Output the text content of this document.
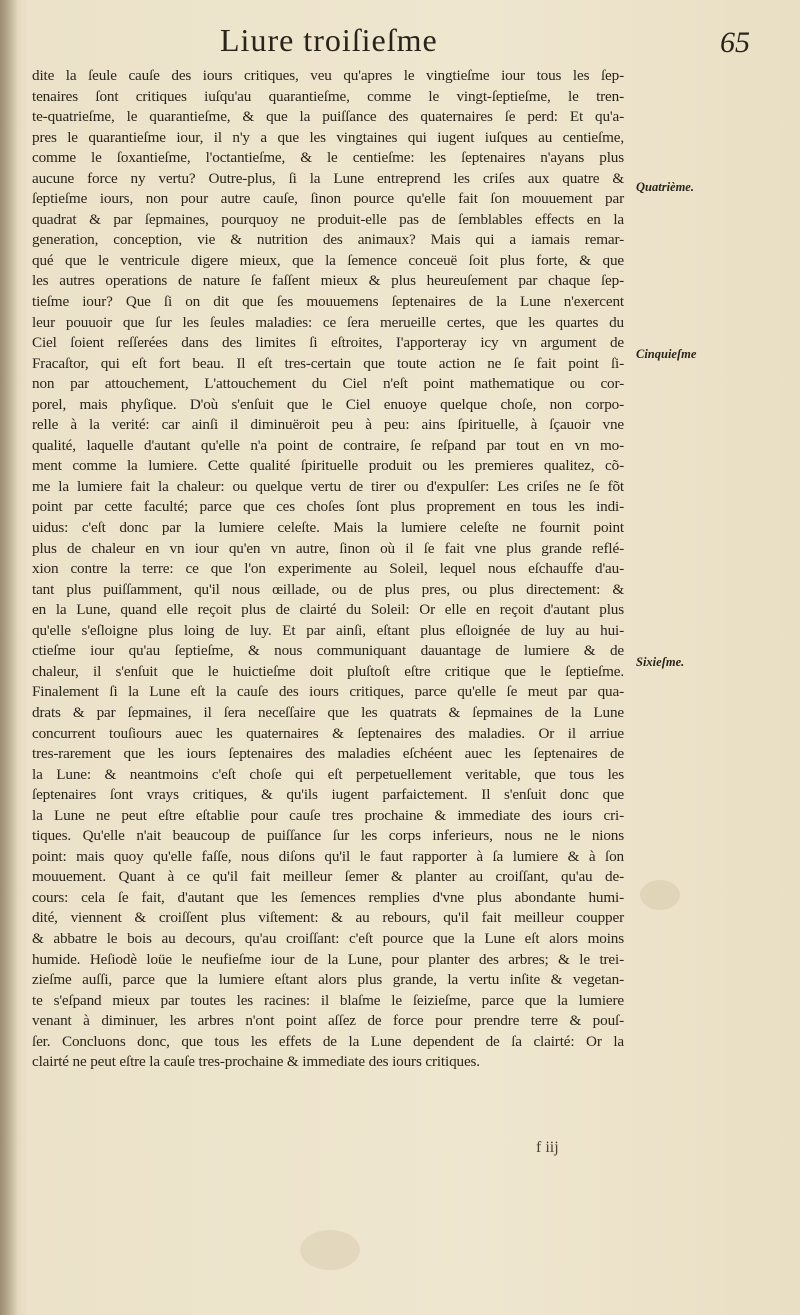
Liure troiſieſme	65
dite la ſeule cauſe des iours critiques, veu qu'apres le vingtieſme iour tous les ſep-
tenaires ſont critiques iuſqu'au quarantieſme, comme le vingt-ſeptieſme, le tren-
te-quatrieſme, le quarantieſme, & que la puiſſance des quaternaires ſe perd: Et qu'a-
pres le quarantieſme iour, il n'y a que les vingtaines qui iugent iuſques au centieſme,
comme le ſoxantieſme, l'octantieſme, & le centieſme: les ſeptenaires n'ayans plus
aucune force ny vertu? Outre-plus, ſi la Lune entreprend les criſes aux quatre &
ſeptieſme iours, non pour autre cauſe, ſinon pource qu'elle fait ſon mouuement par
quadrat & par ſepmaines, pourquoy ne produit-elle pas de ſemblables effects en la
generation, conception, vie & nutrition des animaux? Mais qui a iamais remar-
qué que le ventricule digere mieux, que la ſemence conceuë ſoit plus forte, & que
les autres operations de nature ſe faſſent mieux & plus heureuſement par chaque ſep-
tieſme iour? Que ſi on dit que ſes mouuemens ſeptenaires de la Lune n'exercent
leur pouuoir que ſur les ſeules maladies: ce ſera merueille certes, que les quartes du
Ciel ſoient reſſerées dans des limites ſi eſtroites, I'apporteray icy vn argument de
Fracaſtor, qui eſt fort beau. Il eſt tres-certain que toute action ne ſe fait point ſi-
non par attouchement, L'attouchement du Ciel n'eſt point mathematique ou cor-
porel, mais phyſique. D'où s'enſuit que le Ciel enuoye quelque choſe, non corpo-
relle à la verité: car ainſi il diminuëroit peu à peu: ains ſpirituelle, à ſçauoir vne
qualité, laquelle d'autant qu'elle n'a point de contraire, ſe reſpand par tout en vn mo-
ment comme la lumiere. Cette qualité ſpirituelle produit ou les premieres qualitez, cõ-
me la lumiere fait la chaleur: ou quelque vertu de tirer ou d'expulſer: Les criſes ne ſe fõt
point par cette faculté; parce que ces choſes ſont plus proprement en tous les indi-
uidus: c'eſt donc par la lumiere celeſte. Mais la lumiere celeſte ne fournit point
plus de chaleur en vn iour qu'en vn autre, ſinon où il ſe fait vne plus grande reflé-
xion contre la terre: ce que l'on experimente au Soleil, lequel nous eſchauffe d'au-
tant plus puiſſamment, qu'il nous œillade, ou de plus pres, ou plus directement: &
en la Lune, quand elle reçoit plus de clairté du Soleil: Or elle en reçoit d'autant plus
qu'elle s'eſloigne plus loing de luy. Et par ainſi, eſtant plus eſloignée de luy au hui-
ctieſme iour qu'au ſeptieſme, & nous communiquant dauantage de lumiere & de
chaleur, il s'enſuit que le huictieſme doit pluſtoſt eſtre critique que le ſeptieſme.
Finalement ſi la Lune eſt la cauſe des iours critiques, parce qu'elle ſe meut par qua-
drats & par ſepmaines, il ſera neceſſaire que les quatrats & ſepmaines de la Lune
concurrent touſiours auec les quaternaires & ſeptenaires des maladies. Or il arriue
tres-rarement que les iours ſeptenaires des maladies eſchéent auec les ſeptenaires de
la Lune: & neantmoins c'eſt choſe qui eſt perpetuellement veritable, que tous les
ſeptenaires ſont vrays critiques, & qu'ils iugent parfaictement. Il s'enſuit donc que
la Lune ne peut eſtre eſtablie pour cauſe tres prochaine & immediate des iours cri-
tiques. Qu'elle n'ait beaucoup de puiſſance ſur les corps inferieurs, nous ne le nions
point: mais quoy qu'elle faſſe, nous diſons qu'il le faut rapporter à ſa lumiere & à ſon
mouuement. Quant à ce qu'il fait meilleur ſemer & planter au croiſſant, qu'au de-
cours: cela ſe fait, d'autant que les ſemences remplies d'vne plus abondante humi-
dité, viennent & croiſſent plus viſtement: & au rebours, qu'il fait meilleur coupper
& abbatre le bois au decours, qu'au croiſſant: c'eſt pource que la Lune eſt alors moins
humide. Heſiodè loüe le neufieſme iour de la Lune, pour planter des arbres; & le trei-
zieſme auſſi, parce que la lumiere eſtant alors plus grande, la vertu inſite & vegetan-
te s'eſpand mieux par toutes les racines: il blaſme le ſeizieſme, parce que la lumiere
venant à diminuer, les arbres n'ont point aſſez de force pour prendre terre & pouſ-
ſer. Concluons donc, que tous les effets de la Lune dependent de ſa clairté: Or la
clairté ne peut eſtre la cauſe tres-prochaine & immediate des iours critiques.
Quatrième.
Cinquieſme
Sixieſme.
f iij
